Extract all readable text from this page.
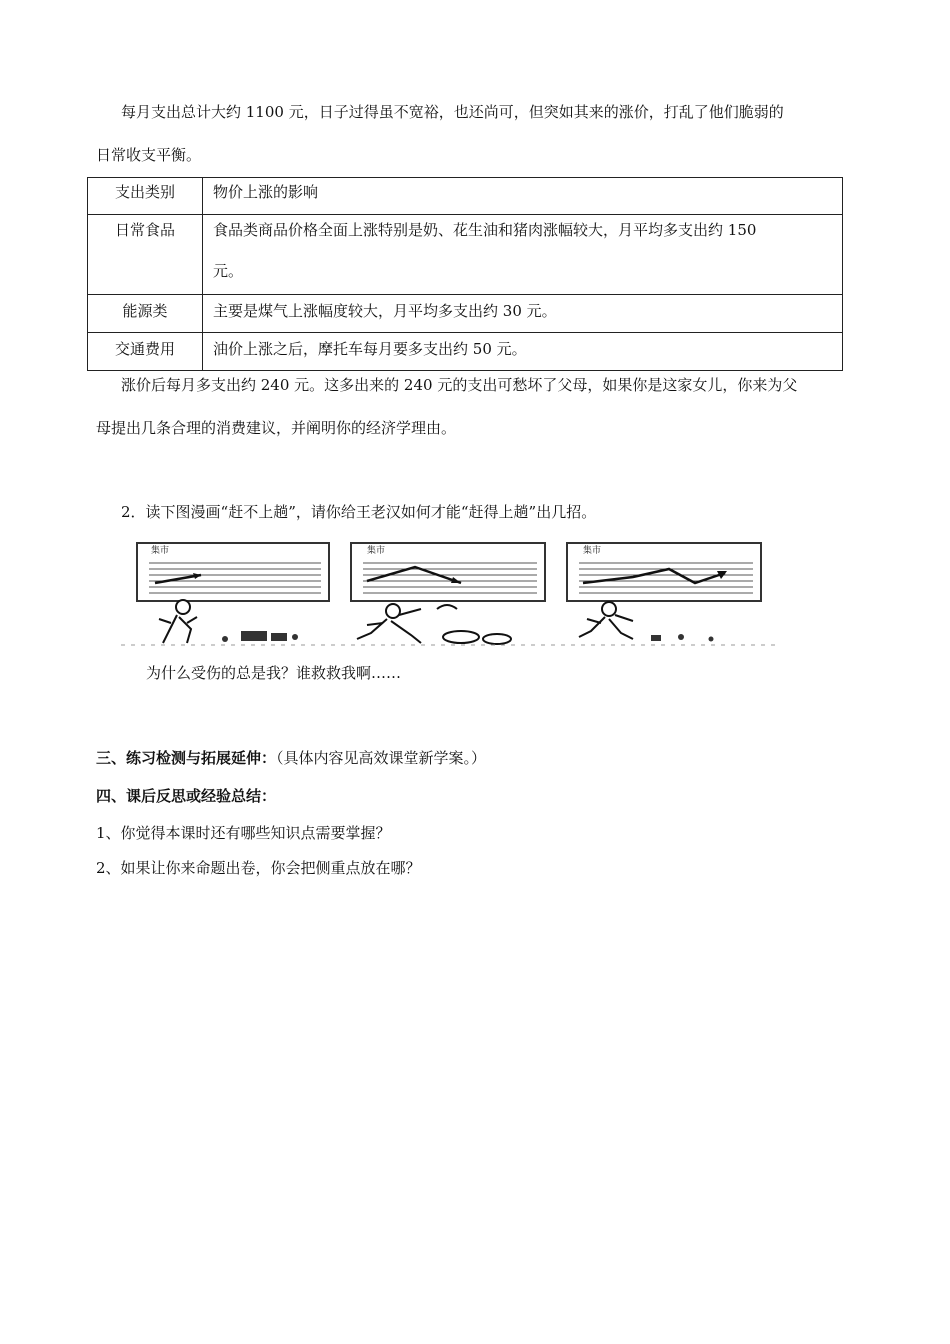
每月支出总计大约 1100 元，日子过得虽不宽裕，也还尚可，但突如其来的涨价，打乱了他们脆弱的
日常收支平衡。
支出类别	物价上涨的影响

日常食品	食品类商品价格全面上涨特别是奶、花生油和猪肉涨幅较大，月平均多支出约 150
元。

能源类	主要是煤气上涨幅度较大，月平均多支出约 30 元。

交通费用	油价上涨之后，摩托车每月要多支出约 50 元。
涨价后每月多支出约 240 元。这多出来的 240 元的支出可愁坏了父母，如果你是这家女儿，你来为父
母提出几条合理的消费建议，并阐明你的经济学理由。
2．读下图漫画“赶不上趟”，请你给王老汉如何才能“赶得上趟”出几招。
集市	集市	集市
为什么受伤的总是我？谁救救我啊……
三、练习检测与拓展延伸：（具体内容见高效课堂新学案。）
四、课后反思或经验总结：
1、你觉得本课时还有哪些知识点需要掌握？
2、如果让你来命题出卷，你会把侧重点放在哪？
